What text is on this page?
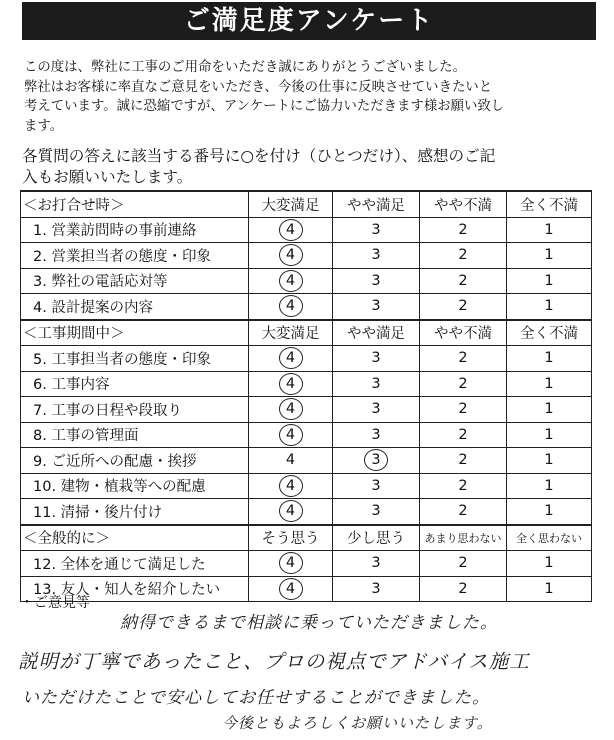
ご満足度アンケート

この度は、弊社に工事のご用命をいただき誠にありがとうございました。
弊社はお客様に率直なご意見をいただき、今後の仕事に反映させていきたいと
考えています。誠に恐縮ですが、アンケートにご協力いただきます様お願い致し
ます。

各質問の答えに該当する番号に○を付け（ひとつだけ）、感想のご記
入もお願いいたします。

＜お打合せ時＞	大変満足	やや満足	やや不満	全く不満
1. 営業訪問時の事前連絡	4	3	2	1
2. 営業担当者の態度・印象	4	3	2	1
3. 弊社の電話応対等	4	3	2	1
4. 設計提案の内容	4	3	2	1
＜工事期間中＞	大変満足	やや満足	やや不満	全く不満
5. 工事担当者の態度・印象	4	3	2	1
6. 工事内容	4	3	2	1
7. 工事の日程や段取り	4	3	2	1
8. 工事の管理面	4	3	2	1
9. ご近所への配慮・挨拶	4	3	2	1
10. 建物・植栽等への配慮	4	3	2	1
11. 清掃・後片付け	4	3	2	1
＜全般的に＞	そう思う	少し思う	あまり思わない	全く思わない
12. 全体を通じて満足した	4	3	2	1
13. 友人・知人を紹介したい	4	3	2	1
・ご意見等
納得できるまで相談に乗っていただきました。
説明が丁寧であったこと、プロの視点でアドバイス施工
いただけたことで安心してお任せすることができました。
今後ともよろしくお願いいたします。
